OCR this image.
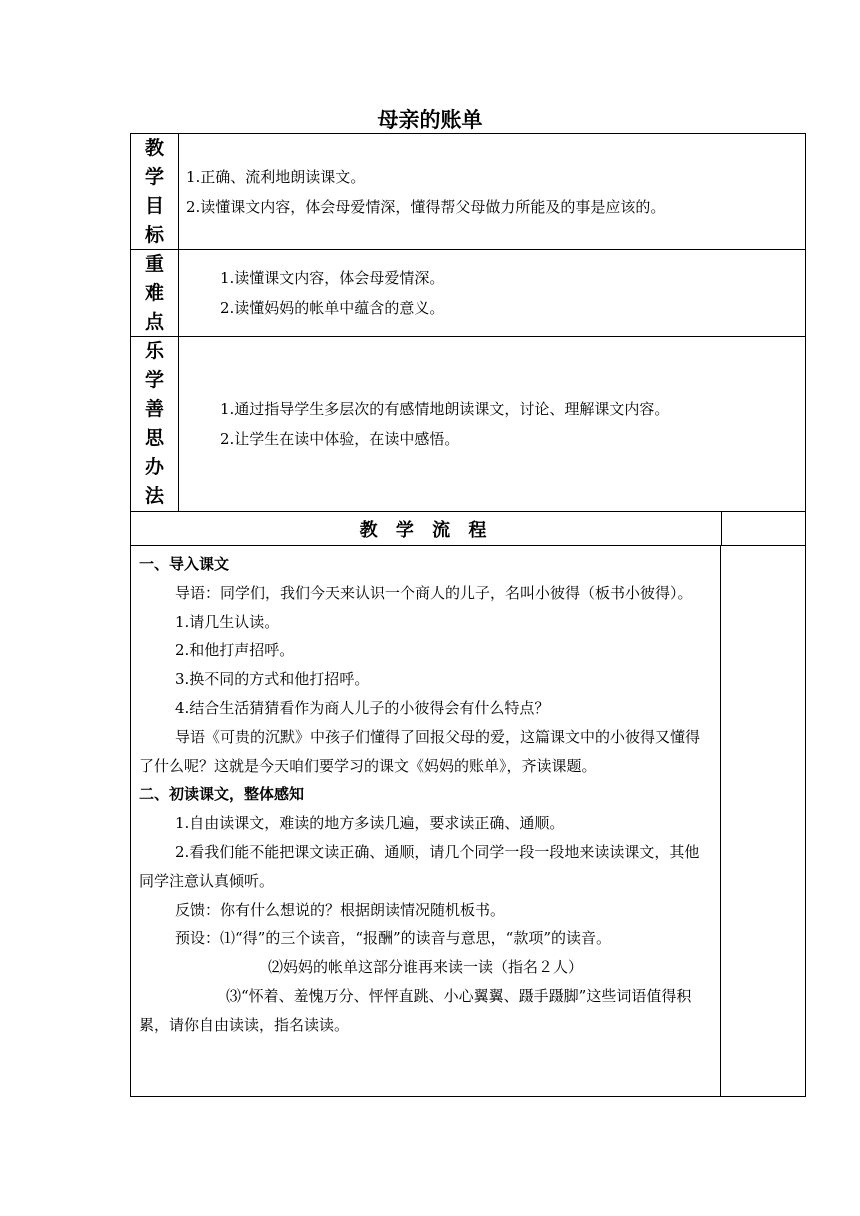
母亲的账单
教
学
目
标
1.正确、流利地朗读课文。
2.读懂课文内容，体会母爱情深，懂得帮父母做力所能及的事是应该的。
重
难
点
1.读懂课文内容，体会母爱情深。
2.读懂妈妈的帐单中蕴含的意义。
乐
学
善
思
办
法
1.通过指导学生多层次的有感情地朗读课文，讨论、理解课文内容。
2.让学生在读中体验，在读中感悟。
教 学 流 程

一、导入课文

导语：同学们，我们今天来认识一个商人的儿子，名叫小彼得（板书小彼得）。

1.请几生认读。

2.和他打声招呼。

3.换不同的方式和他打招呼。

4.结合生活猜猜看作为商人儿子的小彼得会有什么特点？

导语《可贵的沉默》中孩子们懂得了回报父母的爱，这篇课文中的小彼得又懂得了什么呢？这就是今天咱们要学习的课文《妈妈的账单》，齐读课题。

二、初读课文，整体感知

1.自由读课文，难读的地方多读几遍，要求读正确、通顺。

2.看我们能不能把课文读正确、通顺，请几个同学一段一段地来读读课文，其他同学注意认真倾听。

反馈：你有什么想说的？根据朗读情况随机板书。

预设：⑴“得”的三个读音，“报酬”的读音与意思，“款项”的读音。

⑵妈妈的帐单这部分谁再来读一读（指名２人）

⑶“怀着、羞愧万分、怦怦直跳、小心翼翼、蹑手蹑脚”这些词语值得积累，请你自由读读，指名读读。
